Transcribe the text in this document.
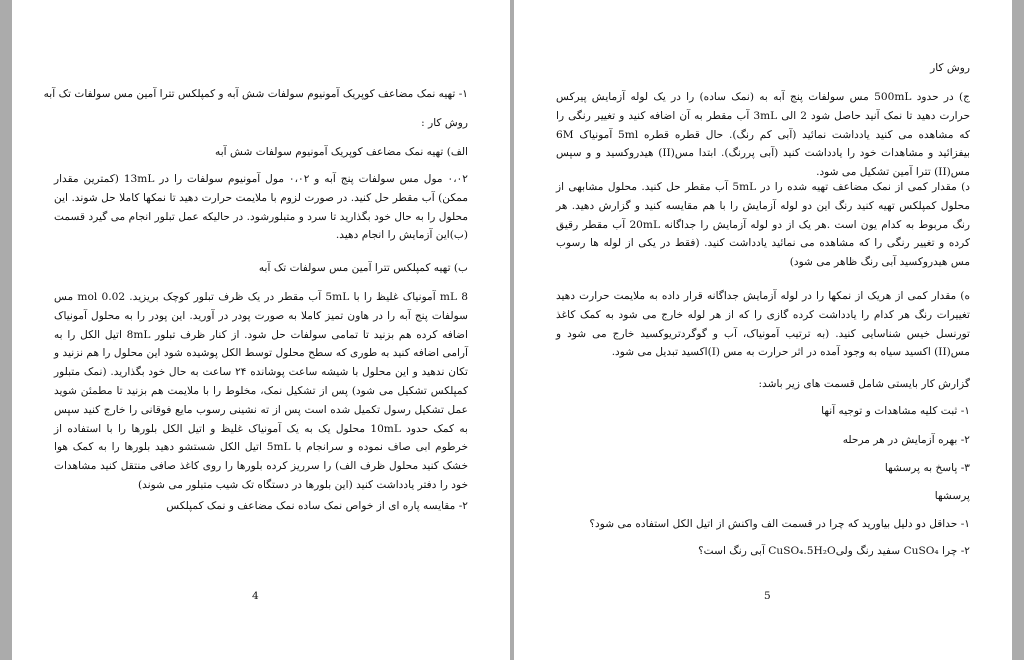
۱- تهیه نمک مضاعف کوپریک آمونیوم سولفات شش آبه و کمپلکس تترا آمین مس سولفات تک آبه

روش کار :

الف) تهیه نمک مضاعف کوپریک آمونیوم سولفات شش آبه

۰،۰۲ مول مس سولفات پنج آبه و ۰،۰۲ مول آمونیوم سولفات را در 13mL (کمترین مقدار ممکن) آب مقطر حل کنید. در صورت لزوم با ملایمت حرارت دهید تا نمکها کاملا حل شوند. این محلول را به حال خود بگذارید تا سرد و متبلورشود. در حالیکه عمل تبلور انجام می گیرد قسمت (ب)این آزمایش را انجام دهید.

ب) تهیه کمپلکس تترا آمین مس سولفات تک آبه

8 mL آمونیاک غلیظ را با 5mL آب مقطر در یک ظرف تبلور کوچک بریزید. 0.02 mol مس سولفات پنج آبه را در هاون تمیز کاملا به صورت پودر در آورید. این پودر را به محلول آمونیاک اضافه کرده هم بزنید تا تمامی سولفات حل شود. از کنار ظرف تبلور 8mL اتیل الکل را به آرامی اضافه کنید به طوری که سطح محلول توسط الکل پوشیده شود این محلول را هم نزنید و تکان ندهید و این محلول با شیشه ساعت پوشانده ۲۴ ساعت به حال خود بگذارید. (نمک متبلور کمپلکس تشکیل می شود) پس از تشکیل نمک، مخلوط را با ملایمت هم بزنید تا مطمئن شوید عمل تشکیل رسول تکمیل شده است پس از ته نشینی رسوب مایع فوقانی را خارج کنید سپس به کمک حدود 10mL محلول یک به یک آمونیاک غلیظ و اتیل الکل بلورها را با استفاده از خرطوم ابی صاف نموده و سرانجام با 5mL اتیل الکل شستشو دهید بلورها را به کمک هوا خشک کنید محلول ظرف الف) را سرریز کرده بلورها را روی کاغذ صافی منتقل کنید مشاهدات خود را دفتر یادداشت کنید (این بلورها در دستگاه تک شیب متبلور می شوند)

۲- مقایسه پاره ای از خواص نمک ساده نمک مضاعف و نمک کمپلکس

4

روش کار

ج) در حدود 500mL مس سولفات پنج آبه به (نمک ساده) را در یک لوله آزمایش پیرکس حرارت دهید تا نمک آنید حاصل شود 2 الی 3mL آب مقطر به آن اضافه کنید و تغییر رنگی را که مشاهده می کنید یادداشت نمائید (آبی کم رنگ). حال قطره قطره 5ml آمونیاک 6M بیفزائید و مشاهدات خود را یادداشت کنید (آبی پررنگ). ابتدا مس(II) هیدروکسید و و سپس مس(II) تترا آمین تشکیل می شود.

د) مقدار کمی از نمک مضاعف تهیه شده را در 5mL آب مقطر حل کنید. محلول مشابهی از محلول کمپلکس تهیه کنید رنگ این دو لوله آزمایش را با هم مقایسه کنید و گزارش دهید. هر رنگ مربوط به کدام یون است .هر یک از دو لوله آزمایش را جداگانه 20mL آب مقطر رقیق کرده و تغییر رنگی را که مشاهده می نمائید یادداشت کنید. (فقط در یکی از لوله ها رسوب مس هیدروکسید آبی رنگ ظاهر می شود)

ه) مقدار کمی از هریک از نمکها را در لوله آزمایش جداگانه قرار داده به ملایمت حرارت دهید تغییرات رنگ هر کدام را یادداشت کرده گازی را که از هر لوله خارج می شود به کمک کاغذ تورنسل خیس شناسایی کنید. (به ترتیب آمونیاک، آب و گوگردتریوکسید خارج می شود و مس(II) اکسید سیاه به وجود آمده در اثر حرارت به مس (I)اکسید تبدیل می شود.

گزارش کار بایستی شامل قسمت های زیر باشد:

۱- ثبت کلیه مشاهدات و توجیه آنها

۲- بهره آزمایش در هر مرحله

۳- پاسخ به پرسشها

پرسشها

۱- حداقل دو دلیل بیاورید که چرا در قسمت الف واکنش از اتیل الکل استفاده می شود؟

۲- چرا CuSO₄ سفید رنگ ولیCuSO₄.5H₂O آبی رنگ است؟

5
